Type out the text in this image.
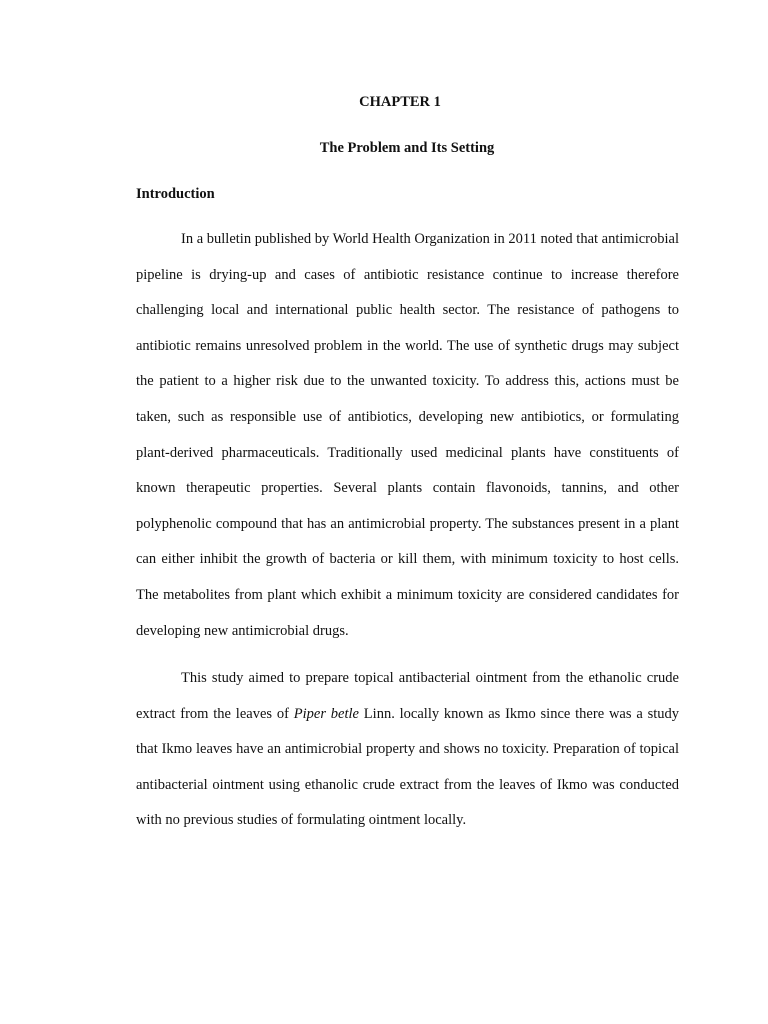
CHAPTER 1
The Problem and Its Setting
Introduction

In a bulletin published by World Health Organization in 2011 noted that antimicrobial pipeline is drying-up and cases of antibiotic resistance continue to increase therefore challenging local and international public health sector. The resistance of pathogens to antibiotic remains unresolved problem in the world. The use of synthetic drugs may subject the patient to a higher risk due to the unwanted toxicity. To address this, actions must be taken, such as responsible use of antibiotics, developing new antibiotics, or formulating plant-derived pharmaceuticals. Traditionally used medicinal plants have constituents of known therapeutic properties. Several plants contain flavonoids, tannins, and other polyphenolic compound that has an antimicrobial property. The substances present in a plant can either inhibit the growth of bacteria or kill them, with minimum toxicity to host cells. The metabolites from plant which exhibit a minimum toxicity are considered candidates for developing new antimicrobial drugs.

This study aimed to prepare topical antibacterial ointment from the ethanolic crude extract from the leaves of Piper betle Linn. locally known as Ikmo since there was a study that Ikmo leaves have an antimicrobial property and shows no toxicity. Preparation of topical antibacterial ointment using ethanolic crude extract from the leaves of Ikmo was conducted with no previous studies of formulating ointment locally.
